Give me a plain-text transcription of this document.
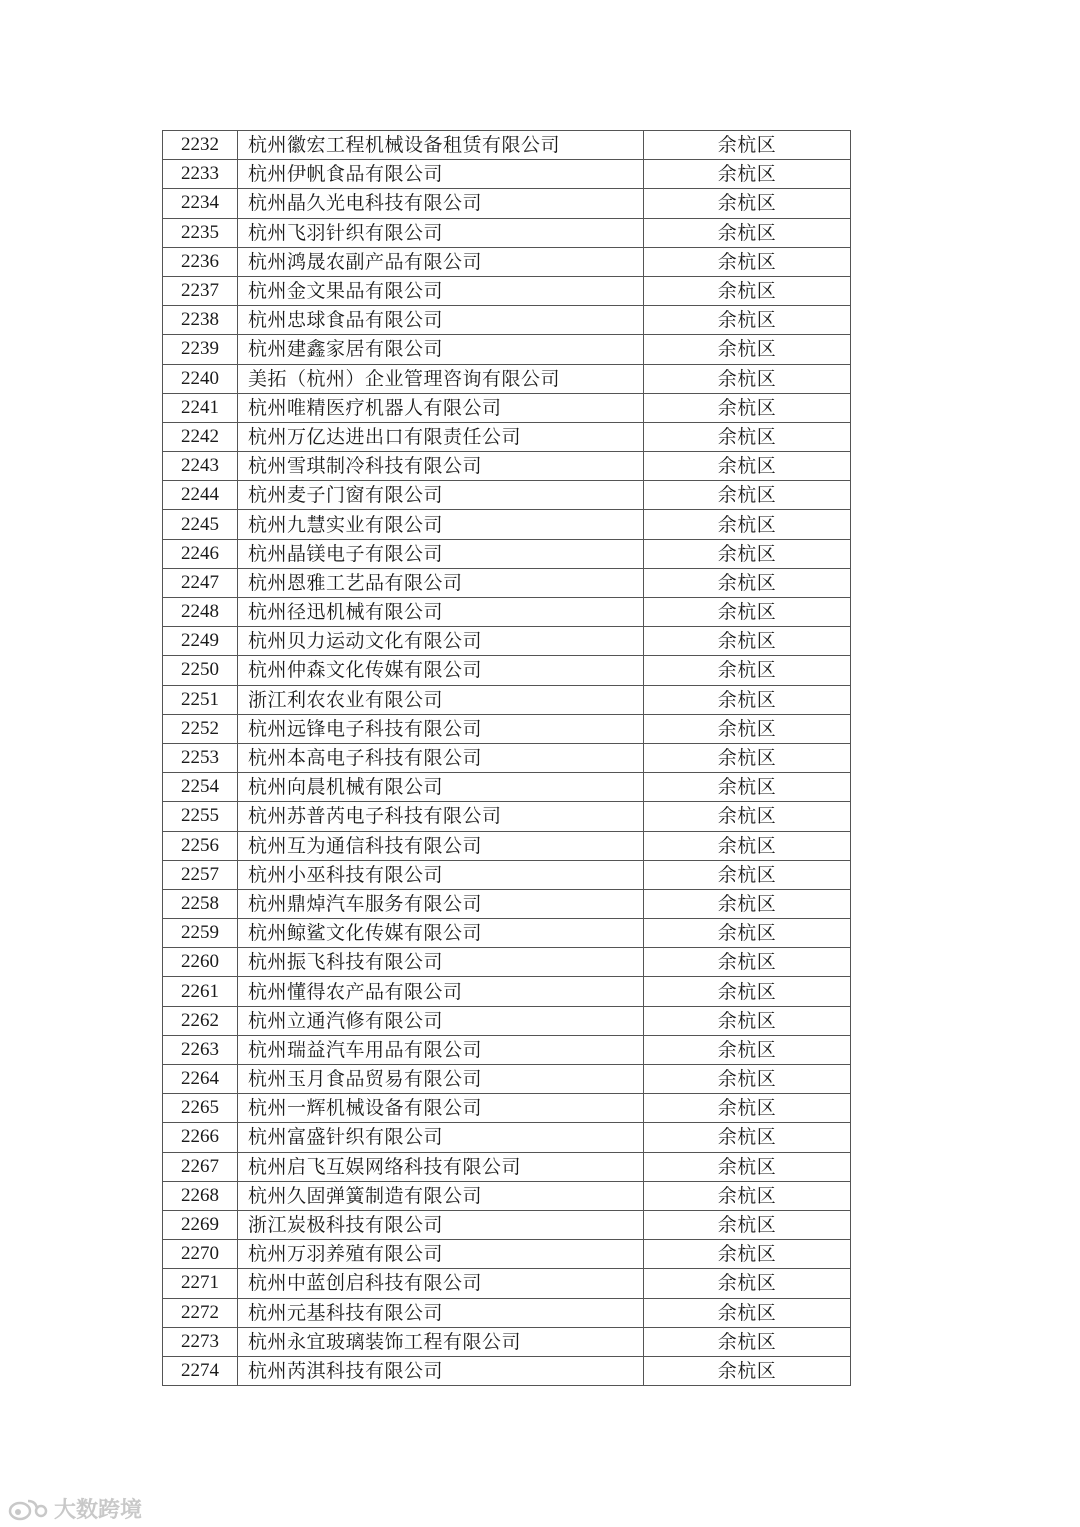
2232	杭州徽宏工程机械设备租赁有限公司	余杭区
2233	杭州伊帆食品有限公司	余杭区
2234	杭州晶久光电科技有限公司	余杭区
2235	杭州飞羽针织有限公司	余杭区
2236	杭州鸿晟农副产品有限公司	余杭区
2237	杭州金文果品有限公司	余杭区
2238	杭州忠球食品有限公司	余杭区
2239	杭州建鑫家居有限公司	余杭区
2240	美拓（杭州）企业管理咨询有限公司	余杭区
2241	杭州唯精医疗机器人有限公司	余杭区
2242	杭州万亿达进出口有限责任公司	余杭区
2243	杭州雪琪制冷科技有限公司	余杭区
2244	杭州麦子门窗有限公司	余杭区
2245	杭州九慧实业有限公司	余杭区
2246	杭州晶镁电子有限公司	余杭区
2247	杭州恩雅工艺品有限公司	余杭区
2248	杭州径迅机械有限公司	余杭区
2249	杭州贝力运动文化有限公司	余杭区
2250	杭州仲森文化传媒有限公司	余杭区
2251	浙江利农农业有限公司	余杭区
2252	杭州远锋电子科技有限公司	余杭区
2253	杭州本高电子科技有限公司	余杭区
2254	杭州向晨机械有限公司	余杭区
2255	杭州苏普芮电子科技有限公司	余杭区
2256	杭州互为通信科技有限公司	余杭区
2257	杭州小巫科技有限公司	余杭区
2258	杭州鼎焯汽车服务有限公司	余杭区
2259	杭州鲸鲨文化传媒有限公司	余杭区
2260	杭州振飞科技有限公司	余杭区
2261	杭州懂得农产品有限公司	余杭区
2262	杭州立通汽修有限公司	余杭区
2263	杭州瑞益汽车用品有限公司	余杭区
2264	杭州玉月食品贸易有限公司	余杭区
2265	杭州一辉机械设备有限公司	余杭区
2266	杭州富盛针织有限公司	余杭区
2267	杭州启飞互娱网络科技有限公司	余杭区
2268	杭州久固弹簧制造有限公司	余杭区
2269	浙江炭极科技有限公司	余杭区
2270	杭州万羽养殖有限公司	余杭区
2271	杭州中蓝创启科技有限公司	余杭区
2272	杭州元基科技有限公司	余杭区
2273	杭州永宜玻璃装饰工程有限公司	余杭区
2274	杭州芮淇科技有限公司	余杭区
大数跨境
